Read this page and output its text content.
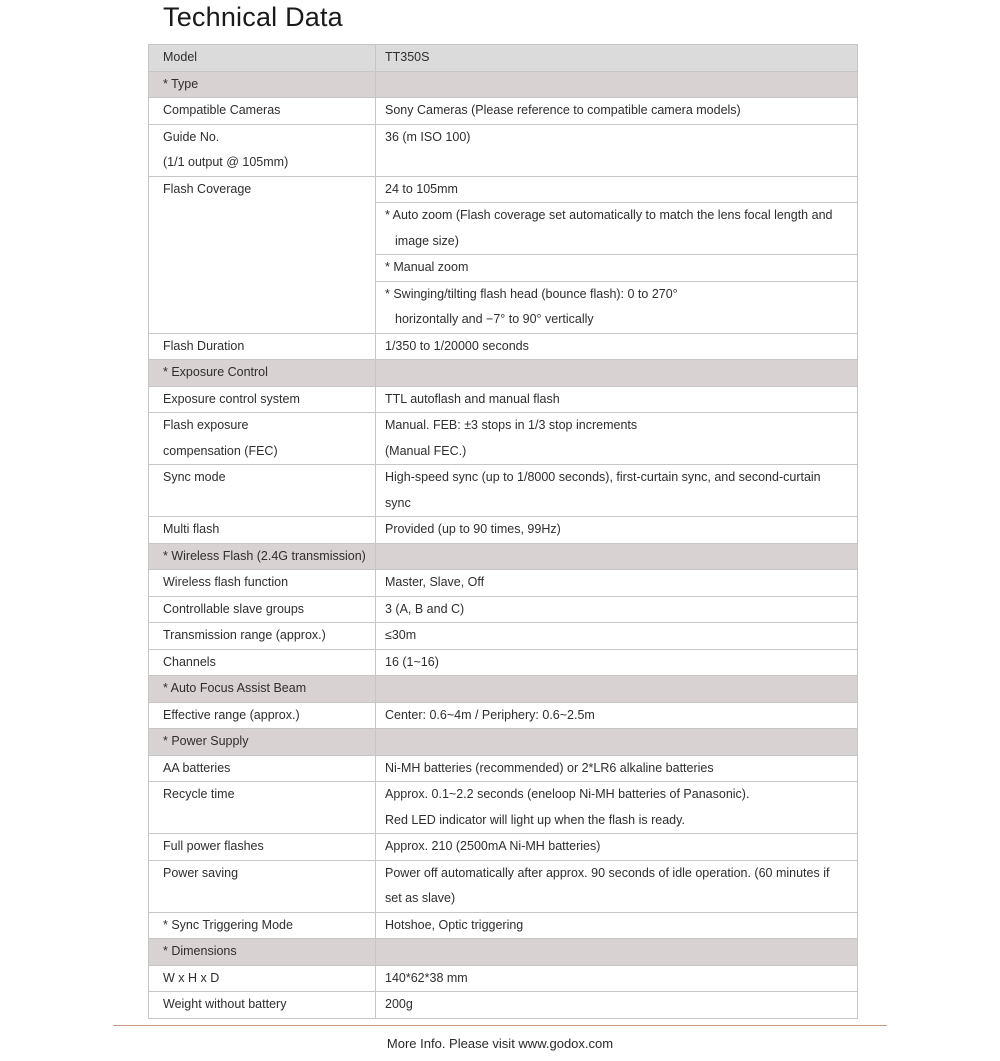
Technical Data
Model	TT350S

* Type	

Compatible Cameras	Sony Cameras (Please reference to compatible camera models)

Guide No.
(1/1 output @ 105mm)	36 (m ISO 100)

Flash Coverage	24 to 105mm

	* Auto zoom (Flash coverage set automatically to match the lens focal length and
image size)

	* Manual zoom

	* Swinging/tilting flash head (bounce flash): 0 to 270°
horizontally and −7° to 90° vertically

Flash Duration	1/350 to 1/20000 seconds

* Exposure Control	

Exposure control system	TTL autoflash and manual flash

Flash exposure
compensation (FEC)	Manual. FEB: ±3 stops in 1/3 stop increments
(Manual FEC.)

Sync mode	High-speed sync (up to 1/8000 seconds), first-curtain sync, and second-curtain
sync

Multi flash	Provided (up to 90 times, 99Hz)

* Wireless Flash (2.4G transmission)	

Wireless flash function	Master, Slave, Off

Controllable slave groups	3 (A, B and C)

Transmission range (approx.)	≤30m

Channels	16 (1~16)

* Auto Focus Assist Beam	

Effective range (approx.)	Center: 0.6~4m / Periphery: 0.6~2.5m

* Power Supply	

AA batteries	Ni-MH batteries (recommended) or 2*LR6 alkaline batteries

Recycle time	Approx. 0.1~2.2 seconds (eneloop Ni-MH batteries of Panasonic).
Red LED indicator will light up when the flash is ready.

Full power flashes	Approx. 210 (2500mA Ni-MH batteries)

Power saving	Power off automatically after approx. 90 seconds of idle operation. (60 minutes if
set as slave)

* Sync Triggering Mode	Hotshoe, Optic triggering

* Dimensions	

W x H x D	140*62*38 mm

Weight without battery	200g
More Info. Please visit www.godox.com
